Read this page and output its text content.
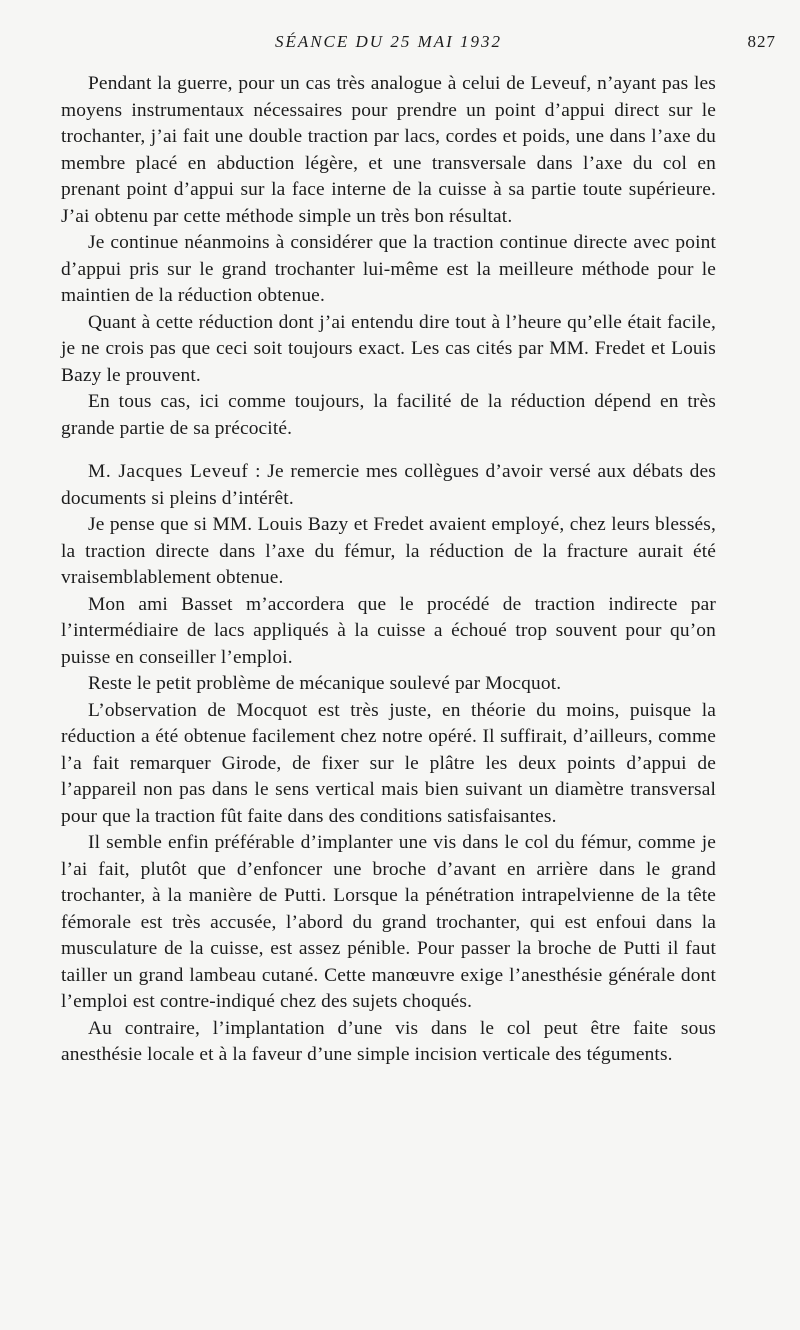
SÉANCE DU 25 MAI 1932	827

Pendant la guerre, pour un cas très analogue à celui de Leveuf, n’ayant pas les moyens instrumentaux nécessaires pour prendre un point d’appui direct sur le trochanter, j’ai fait une double traction par lacs, cordes et poids, une dans l’axe du membre placé en abduction légère, et une transversale dans l’axe du col en prenant point d’appui sur la face interne de la cuisse à sa partie toute supérieure. J’ai obtenu par cette méthode simple un très bon résultat.

Je continue néanmoins à considérer que la traction continue directe avec point d’appui pris sur le grand trochanter lui-même est la meilleure méthode pour le maintien de la réduction obtenue.

Quant à cette réduction dont j’ai entendu dire tout à l’heure qu’elle était facile, je ne crois pas que ceci soit toujours exact. Les cas cités par MM. Fredet et Louis Bazy le prouvent.

En tous cas, ici comme toujours, la facilité de la réduction dépend en très grande partie de sa précocité.

M. Jacques Leveuf : Je remercie mes collègues d’avoir versé aux débats des documents si pleins d’intérêt.

Je pense que si MM. Louis Bazy et Fredet avaient employé, chez leurs blessés, la traction directe dans l’axe du fémur, la réduction de la fracture aurait été vraisemblablement obtenue.

Mon ami Basset m’accordera que le procédé de traction indirecte par l’intermédiaire de lacs appliqués à la cuisse a échoué trop souvent pour qu’on puisse en conseiller l’emploi.

Reste le petit problème de mécanique soulevé par Mocquot.

L’observation de Mocquot est très juste, en théorie du moins, puisque la réduction a été obtenue facilement chez notre opéré. Il suffirait, d’ailleurs, comme l’a fait remarquer Girode, de fixer sur le plâtre les deux points d’appui de l’appareil non pas dans le sens vertical mais bien suivant un diamètre transversal pour que la traction fût faite dans des conditions satisfaisantes.

Il semble enfin préférable d’implanter une vis dans le col du fémur, comme je l’ai fait, plutôt que d’enfoncer une broche d’avant en arrière dans le grand trochanter, à la manière de Putti. Lorsque la pénétration intrapelvienne de la tête fémorale est très accusée, l’abord du grand trochanter, qui est enfoui dans la musculature de la cuisse, est assez pénible. Pour passer la broche de Putti il faut tailler un grand lambeau cutané. Cette manœuvre exige l’anesthésie générale dont l’emploi est contre-indiqué chez des sujets choqués.

Au contraire, l’implantation d’une vis dans le col peut être faite sous anesthésie locale et à la faveur d’une simple incision verticale des téguments.
